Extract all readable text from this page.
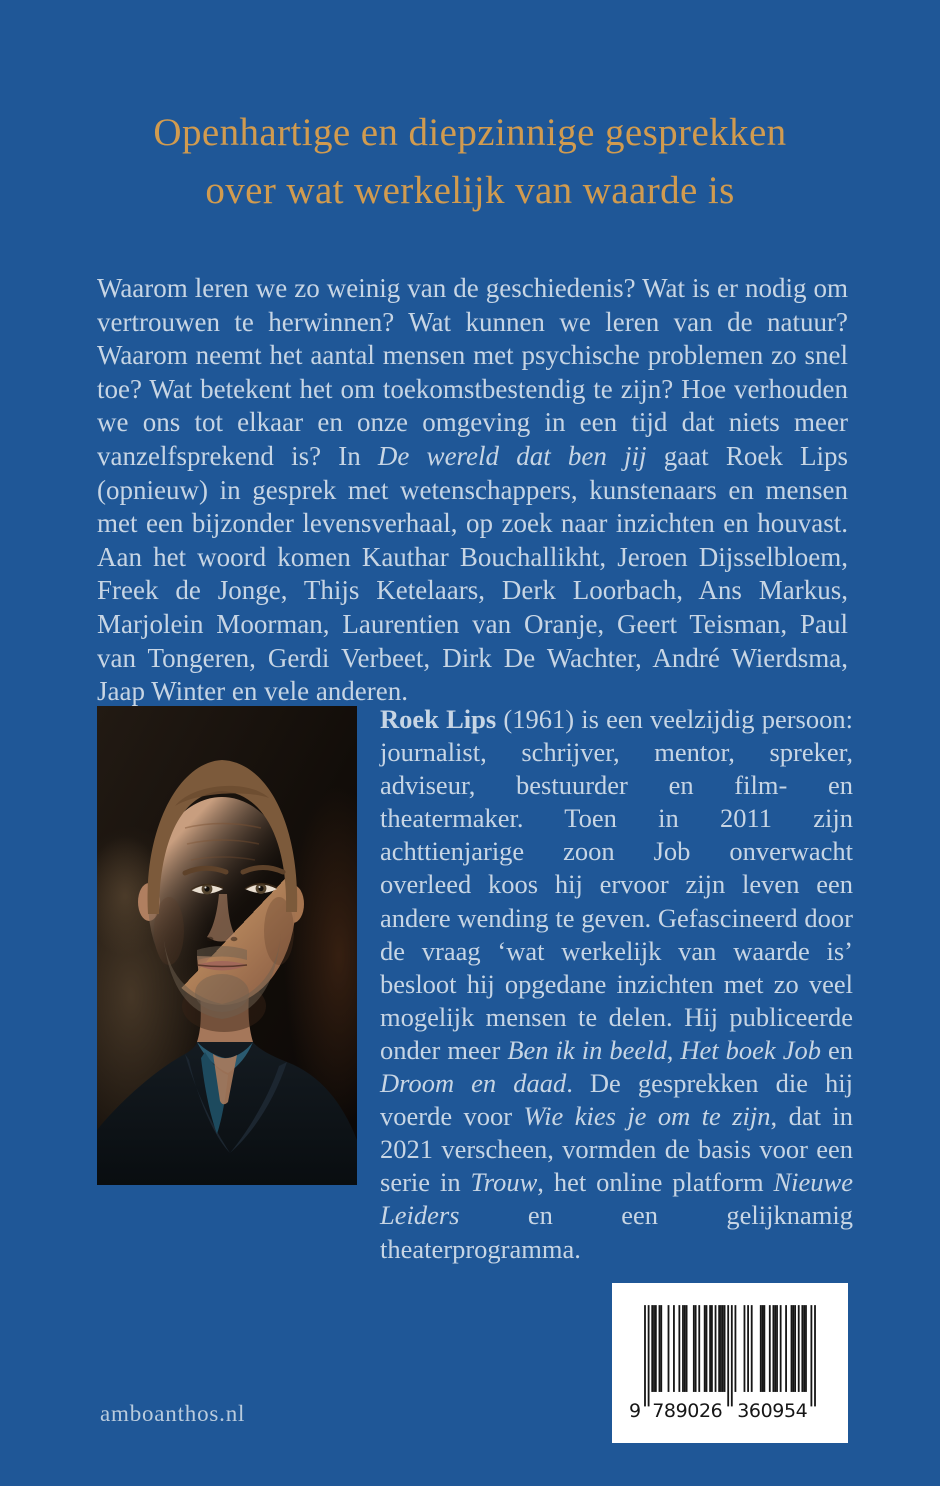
Openhartige en diepzinnige gesprekken
over wat werkelijk van waarde is

Waarom leren we zo weinig van de geschiedenis? Wat is er nodig om vertrouwen te herwinnen? Wat kunnen we leren van de natuur? Waarom neemt het aantal mensen met psychische problemen zo snel toe? Wat betekent het om toekomstbestendig te zijn? Hoe verhouden we ons tot elkaar en onze omgeving in een tijd dat niets meer vanzelfsprekend is? In De wereld dat ben jij gaat Roek Lips (opnieuw) in gesprek met wetenschappers, kunstenaars en mensen met een bijzonder levensverhaal, op zoek naar inzichten en houvast. Aan het woord komen Kauthar Bouchallikht, Jeroen Dijsselbloem, Freek de Jonge, Thijs Ketelaars, Derk Loorbach, Ans Markus, Marjolein Moorman, Laurentien van Oranje, Geert Teisman, Paul van Tongeren, Gerdi Verbeet, Dirk De Wachter, André Wierdsma, Jaap Winter en vele anderen.

Roek Lips (1961) is een veelzijdig persoon: journalist, schrijver, mentor, spreker, adviseur, bestuurder en film- en theatermaker. Toen in 2011 zijn achttienjarige zoon Job onverwacht overleed koos hij ervoor zijn leven een andere wending te geven. Gefascineerd door de vraag ‘wat werkelijk van waarde is’ besloot hij opgedane inzichten met zo veel mogelijk mensen te delen. Hij publiceerde onder meer Ben ik in beeld, Het boek Job en Droom en daad. De gesprekken die hij voerde voor Wie kies je om te zijn, dat in 2021 verscheen, vormden de basis voor een serie in Trouw, het online platform Nieuwe Leiders en een gelijknamig theaterprogramma.

amboanthos.nl	9 789026 360954
